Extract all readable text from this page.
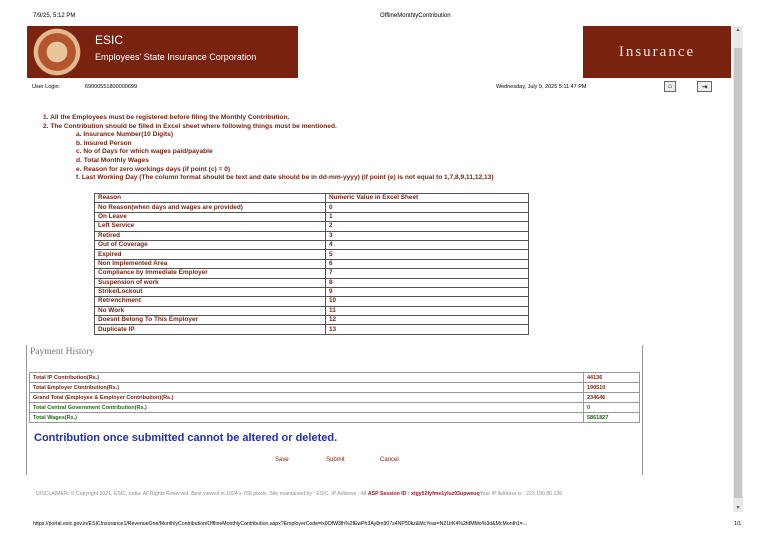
7/9/25, 5:12 PM	OfflineMonthlyContribution
ESIC
Employees' State Insurance Corporation	Insurance
▲
▼
User Login:	69000551800000699	Wednesday, July 9, 2025 5:11:47 PM	⌂	⇥
1. All the Employees must be registered before filing the Monthly Contribution.
2. The Contribution should be filled in Excel sheet where following things must be mentioned.
a. Insurance Number(10 Digits)
b. Insured Person
c. No of Days for which wages paid/payable
d. Total Monthly Wages
e. Reason for zero workings days (if point (c) = 0)
f. Last Working Day (The column format should be text and date should be in dd-mm-yyyy) (if point (e) is not equal to 1,7,8,9,11,12,13)
Reason	Numeric Value in Excel Sheet
No Reason(when days and wages are provided)	0
On Leave	1
Left Service	2
Retired	3
Out of Coverage	4
Expired	5
Non Implemented Area	6
Compliance by Immediate Employer	7
Suspension of work	8
Strike/Lockout	9
Retrenchment	10
No Work	11
Doesnt Belong To This Employer	12
Duplicate IP	13
Payment History
Total IP Contribution(Rs.)	44136
Total Employer Contribution(Rs.)	190510
Grand Total (Employee & Employer Contribution)(Rs.)	234646
Total Central Government Contribution(Rs.)	0
Total Wages(Rs.)	5861827
Contribution once submitted cannot be altered or deleted.
Save	Submit	Cancel
DISCLAIMER: © Copyright 2021, ESIC, India. All Rights Reserved. Best viewed in 1024 x 768 pixels, Site maintained by : ESIC. IP Address : 48.ASP Session ID : xtgy52fyfme1yluz03upweuqYour IP Address is : 223.190.86.136
https://portal.esic.gov.in/ESICInsurance1/RevenueOne/MonthlyContribution/OfflineMonthlyContribution.aspx?EmployerCode=lx0OfW3lh%2fEwPh3Ay8m907s4NP50kz&McYear=NZUrK4%2fdMMo%3d&McMonth1=...	1/1
